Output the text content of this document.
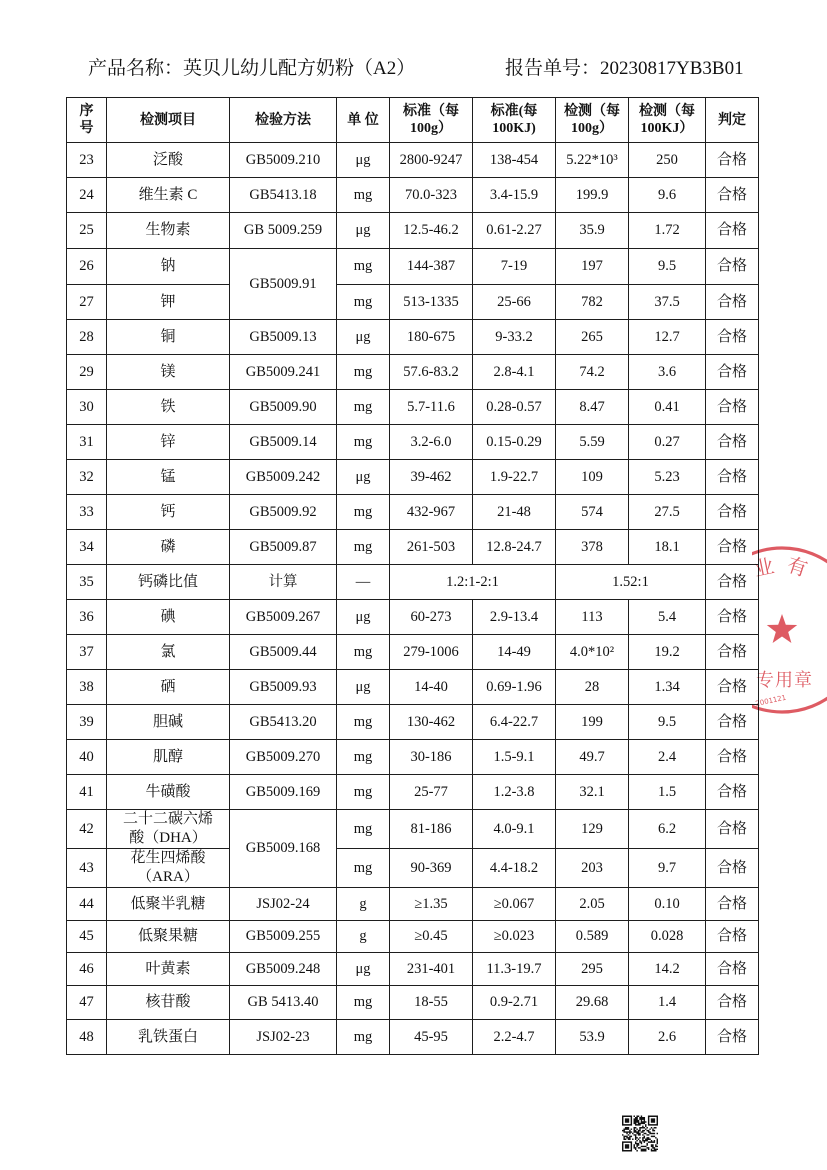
产品名称：英贝儿幼儿配方奶粉（A2）	报告单号：20230817YB3B01
序
号	检测项目	检验方法	单 位	标准（每
100g）	标准(每
100KJ)	检测（每
100g）	检测（每
100KJ）	判定

23	泛酸	GB5009.210	μg	2800-9247	138-454	5.22*10³	250	合格
24	维生素 C	GB5413.18	mg	70.0-323	3.4-15.9	199.9	9.6	合格
25	生物素	GB 5009.259	μg	12.5-46.2	0.61-2.27	35.9	1.72	合格
26	钠	GB5009.91	mg	144-387	7-19	197	9.5	合格
27	钾		mg	513-1335	25-66	782	37.5	合格
28	铜	GB5009.13	μg	180-675	9-33.2	265	12.7	合格
29	镁	GB5009.241	mg	57.6-83.2	2.8-4.1	74.2	3.6	合格
30	铁	GB5009.90	mg	5.7-11.6	0.28-0.57	8.47	0.41	合格
31	锌	GB5009.14	mg	3.2-6.0	0.15-0.29	5.59	0.27	合格
32	锰	GB5009.242	μg	39-462	1.9-22.7	109	5.23	合格
33	钙	GB5009.92	mg	432-967	21-48	574	27.5	合格
34	磷	GB5009.87	mg	261-503	12.8-24.7	378	18.1	合格
35	钙磷比值	计算	—	1.2:1-2:1		1.52:1		合格
36	碘	GB5009.267	μg	60-273	2.9-13.4	113	5.4	合格
37	氯	GB5009.44	mg	279-1006	14-49	4.0*10²	19.2	合格
38	硒	GB5009.93	μg	14-40	0.69-1.96	28	1.34	合格
39	胆碱	GB5413.20	mg	130-462	6.4-22.7	199	9.5	合格
40	肌醇	GB5009.270	mg	30-186	1.5-9.1	49.7	2.4	合格
41	牛磺酸	GB5009.169	mg	25-77	1.2-3.8	32.1	1.5	合格
42	二十二碳六烯酸（DHA）	GB5009.168	mg	81-186	4.0-9.1	129	6.2	合格
43	花生四烯酸（ARA）		mg	90-369	4.4-18.2	203	9.7	合格
44	低聚半乳糖	JSJ02-24	g	≥1.35	≥0.067	2.05	0.10	合格
45	低聚果糖	GB5009.255	g	≥0.45	≥0.023	0.589	0.028	合格
46	叶黄素	GB5009.248	μg	231-401	11.3-19.7	295	14.2	合格
47	核苷酸	GB 5413.40	mg	18-55	0.9-2.71	29.68	1.4	合格
48	乳铁蛋白	JSJ02-23	mg	45-95	2.2-4.7	53.9	2.6	合格
业有
专用章
2001121
